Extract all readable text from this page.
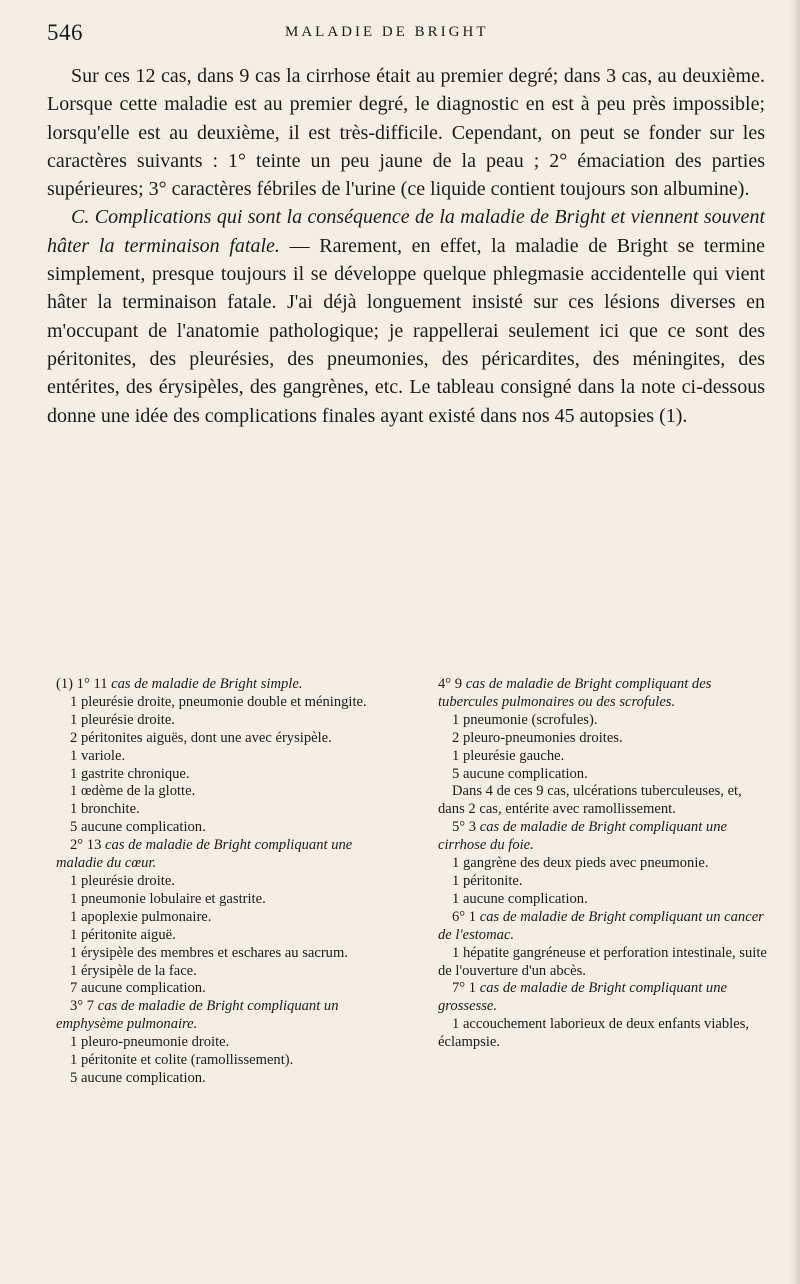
546	MALADIE DE BRIGHT

Sur ces 12 cas, dans 9 cas la cirrhose était au premier degré; dans 3 cas, au deuxième. Lorsque cette maladie est au premier degré, le diagnostic en est à peu près impossible; lorsqu'elle est au deuxième, il est très-difficile. Cependant, on peut se fonder sur les caractères suivants : 1° teinte un peu jaune de la peau ; 2° émaciation des parties supérieures; 3° caractères fébriles de l'urine (ce liquide contient toujours son albumine).

C. Complications qui sont la conséquence de la maladie de Bright et viennent souvent hâter la terminaison fatale. — Rarement, en effet, la maladie de Bright se termine simplement, presque toujours il se développe quelque phlegmasie accidentelle qui vient hâter la terminaison fatale. J'ai déjà longuement insisté sur ces lésions diverses en m'occupant de l'anatomie pathologique; je rappellerai seulement ici que ce sont des péritonites, des pleurésies, des pneumonies, des péricardites, des méningites, des entérites, des érysipèles, des gangrènes, etc. Le tableau consigné dans la note ci-dessous donne une idée des complications finales ayant existé dans nos 45 autopsies (1).

(1) 1° 11 cas de maladie de Bright simple.

1 pleurésie droite, pneumonie double et méningite.

1 pleurésie droite.

2 péritonites aiguës, dont une avec érysipèle.

1 variole.

1 gastrite chronique.

1 œdème de la glotte.

1 bronchite.

5 aucune complication.

2° 13 cas de maladie de Bright compliquant une maladie du cœur.

1 pleurésie droite.

1 pneumonie lobulaire et gastrite.

1 apoplexie pulmonaire.

1 péritonite aiguë.

1 érysipèle des membres et eschares au sacrum.

1 érysipèle de la face.

7 aucune complication.

3° 7 cas de maladie de Bright compliquant un emphysème pulmonaire.

1 pleuro-pneumonie droite.

1 péritonite et colite (ramollissement).

5 aucune complication.

4° 9 cas de maladie de Bright compliquant des tubercules pulmonaires ou des scrofules.

1 pneumonie (scrofules).

2 pleuro-pneumonies droites.

1 pleurésie gauche.

5 aucune complication.

Dans 4 de ces 9 cas, ulcérations tuberculeuses, et, dans 2 cas, entérite avec ramollissement.

5° 3 cas de maladie de Bright compliquant une cirrhose du foie.

1 gangrène des deux pieds avec pneumonie.

1 péritonite.

1 aucune complication.

6° 1 cas de maladie de Bright compliquant un cancer de l'estomac.

1 hépatite gangréneuse et perforation intestinale, suite de l'ouverture d'un abcès.

7° 1 cas de maladie de Bright compliquant une grossesse.

1 accouchement laborieux de deux enfants viables, éclampsie.
